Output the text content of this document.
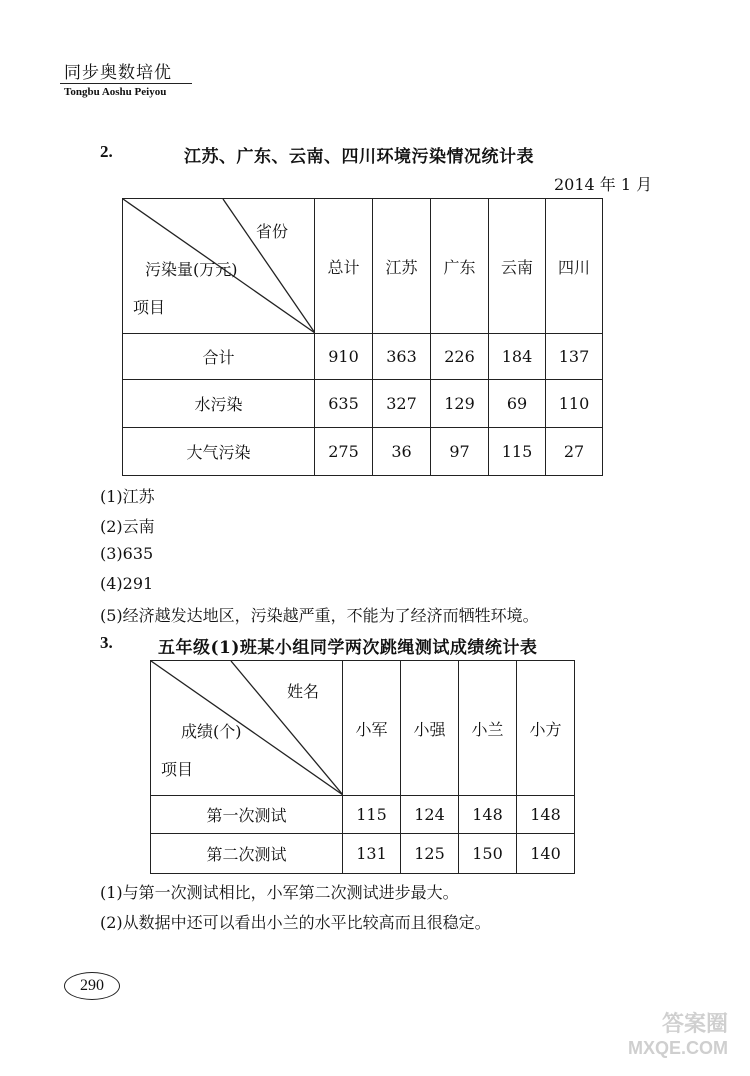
同步奥数培优
Tongbu Aoshu Peiyou
2.	江苏、广东、云南、四川环境污染情况统计表
2014 年 1 月
省份
污染量(万元)
项目	总计	江苏	广东	云南	四川
合计	910	363	226	184	137
水污染	635	327	129	69	110
大气污染	275	36	97	115	27
(1)江苏
(2)云南
(3)635
(4)291
(5)经济越发达地区，污染越严重，不能为了经济而牺牲环境。
3.	五年级(1)班某小组同学两次跳绳测试成绩统计表
姓名
成绩(个)
项目	小军	小强	小兰	小方
第一次测试	115	124	148	148
第二次测试	131	125	150	140
(1)与第一次测试相比，小军第二次测试进步最大。
(2)从数据中还可以看出小兰的水平比较高而且很稳定。
290
答案圈
MXQE.COM
